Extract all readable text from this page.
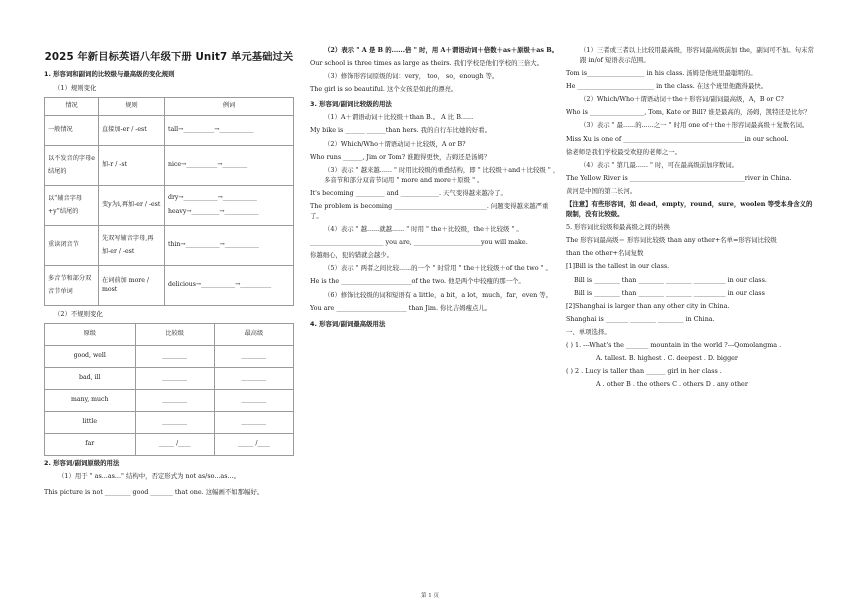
2025 年新目标英语八年级下册 Unit7 单元基础过关
1. 形容词和副词的比较级与最高级的变化规则
（1）规则变化
情况	规则	例词
一般情况	直接加-er / -est	tall→__________→___________
以不发音的字母e结尾的	加-r / -st	nice→__________→________
以“辅音字母+y”结尾的	变y为i,再加-er / -est	dry→___________→___________
heavy→_________→___________
重读闭音节	先双写辅音字母,再加-er / -est	thin→___________→___________
多音节和部分双音节单词	在词前加 more / most	delicious→___________→__________
（2）不规则变化
原级	比较级	最高级
good, well	________	________
bad, ill	________	________
many, much	________	________
little	________	________
far	_____ /____	_____ /____
2. 形容词/副词原级的用法
（1）用于 " as...as..." 结构中，否定形式为 not as/so...as...。
This picture is not ________ good _______ that one. 这幅画不如那幅好。
（2）表示 " A 是 B 的......倍 " 时，用 A＋谓语动词＋倍数＋as＋原级＋as B。
Our school is three times as large as theirs. 我们学校是他们学校的三倍大。
（3）修饰形容词原级的词：very， too， so，enough 等。
The girl is so beautiful. 这个女孩是如此的漂亮。
3. 形容词/副词比较级的用法
（1）A＋谓语动词＋比较级＋than B.。 A 比 B......
My bike is ______ ______than hers. 我的自行车比她的好看。
（2）Which/Who＋谓语动词＋比较级，A or B?
Who runs ______, Jim or Tom? 谁跑得更快，吉姆还是汤姆？
（3）表示 " 越来越...... " 时用比较级的重叠结构，即 " 比较级＋and＋比较级 " ，多音节和部分双音节词用 " more and more＋原级 " 。
It's becoming _________ and ____________. 天气变得越来越冷了。
The problem is becoming _____________________________. 问题变得越来越严重了。
（4）表示 " 越......就越...... " 时用 " the＋比较级，the＋比较级 " 。
_______________________ you are, _____________________you will make.
你越细心，犯的错就会越少。
（5）表示 " 两者之间比较......的一个 " 时常用 " the＋比较级＋of the two " 。
He is the ______________________of the two. 他是两个中较瘦的那一个。
（6）修饰比较级的词和短语有 a little，a bit，a lot，much，far，even 等。
You are ______________________ than Jim. 你比吉姆瘦点儿。
4. 形容词/副词最高级用法
（1）三者或三者以上比较用最高级，形容词最高级前加 the，副词可不加。句末常跟 in/of 短语表示范围。
Tom is__________________ in his class. 汤姆是他班里最聪明的。
He ________________________ in the class. 在这个班里他跑得最快。
（2）Which/Who＋谓语动词＋the＋形容词/副词最高级，A，B or C?
Who is _________________, Tom, Kate or Bill? 谁是最高的，汤姆，凯特还是比尔？
（3）表示 " 最......的......之一 " 时用 one of＋the＋形容词最高级＋复数名词。
Miss Xu is one of ______________________________________in our school.
徐老师是我们学校最受欢迎的老师之一。
（4）表示 " 第几最...... " 时，可在最高级前加序数词。
The Yellow River is ____________________________________river in China.
黄河是中国的第二长河。
【注意】有些形容词，如 dead，empty，round，sure，woolen 等受本身含义的限制，没有比较级。
5. 形容词比较级和最高级之间的转换
The 形容词最高级＝ 形容词比较级 than any other+名单=形容词比较级
than the other+名词复数
[1]Bill is the tallest in our class.
Bill is ________ than ________ ________ __________ in our class.
Bill is ________ than ________ ________ __________ in our class
[2]Shanghai is larger than any other city in China.
Shanghai is _______ ________ ________ in China.
一、单项选择。
( ) 1. ---What's the _______ mountain in the world ?---Qomolangma .
A. tallest. B. highest . C. deepest . D. bigger
( ) 2 . Lucy is taller than ______ girl in her class .
A . other B . the others C . others D . any other
第 1 页
